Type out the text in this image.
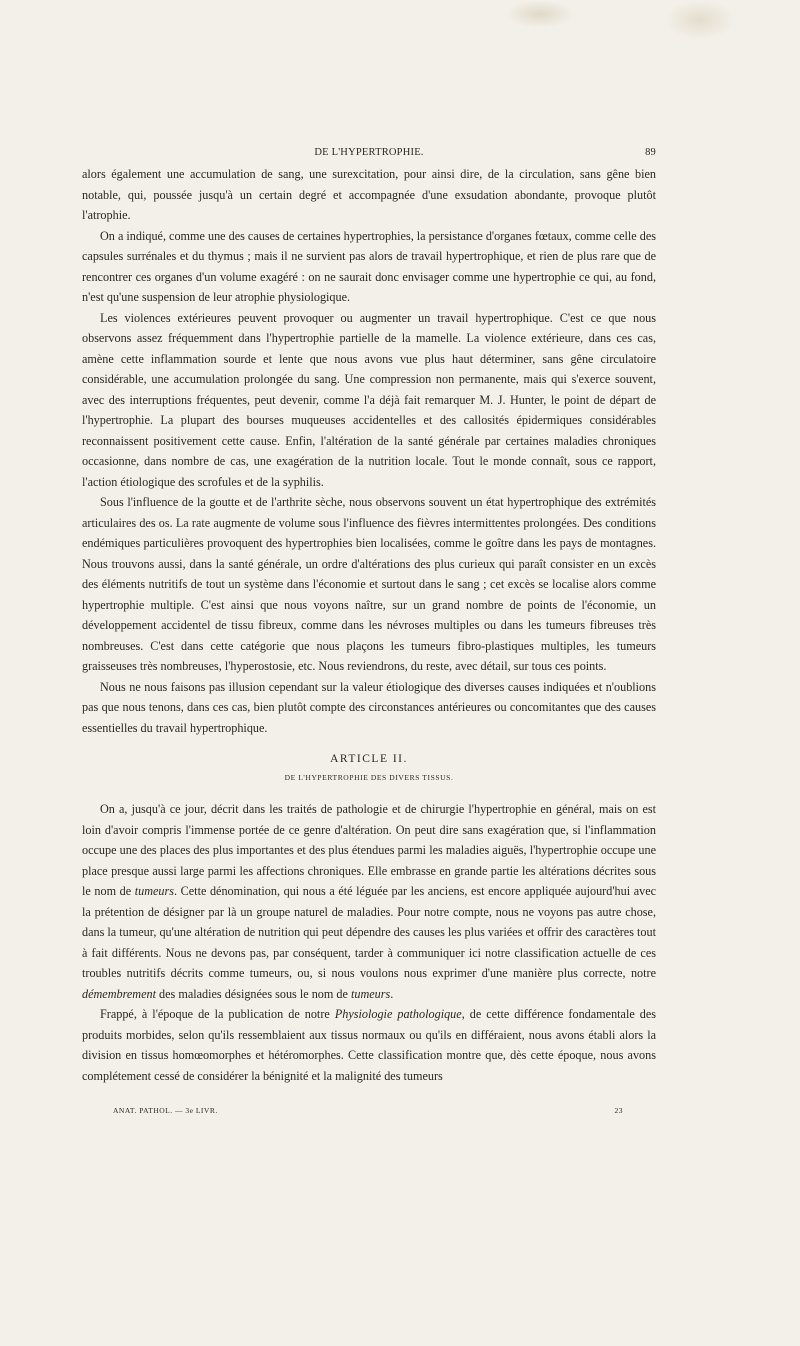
DE L'HYPERTROPHIE.	89

alors également une accumulation de sang, une surexcitation, pour ainsi dire, de la circulation, sans gêne bien notable, qui, poussée jusqu'à un certain degré et accompagnée d'une exsudation abondante, provoque plutôt l'atrophie.

On a indiqué, comme une des causes de certaines hypertrophies, la persistance d'organes fœtaux, comme celle des capsules surrénales et du thymus ; mais il ne survient pas alors de travail hypertrophique, et rien de plus rare que de rencontrer ces organes d'un volume exagéré : on ne saurait donc envisager comme une hypertrophie ce qui, au fond, n'est qu'une suspension de leur atrophie physiologique.

Les violences extérieures peuvent provoquer ou augmenter un travail hypertrophique. C'est ce que nous observons assez fréquemment dans l'hypertrophie partielle de la mamelle. La violence extérieure, dans ces cas, amène cette inflammation sourde et lente que nous avons vue plus haut déterminer, sans gêne circulatoire considérable, une accumulation prolongée du sang. Une compression non permanente, mais qui s'exerce souvent, avec des interruptions fréquentes, peut devenir, comme l'a déjà fait remarquer M. J. Hunter, le point de départ de l'hypertrophie. La plupart des bourses muqueuses accidentelles et des callosités épidermiques considérables reconnaissent positivement cette cause. Enfin, l'altération de la santé générale par certaines maladies chroniques occasionne, dans nombre de cas, une exagération de la nutrition locale. Tout le monde connaît, sous ce rapport, l'action étiologique des scrofules et de la syphilis.

Sous l'influence de la goutte et de l'arthrite sèche, nous observons souvent un état hypertrophique des extrémités articulaires des os. La rate augmente de volume sous l'influence des fièvres intermittentes prolongées. Des conditions endémiques particulières provoquent des hypertrophies bien localisées, comme le goître dans les pays de montagnes. Nous trouvons aussi, dans la santé générale, un ordre d'altérations des plus curieux qui paraît consister en un excès des éléments nutritifs de tout un système dans l'économie et surtout dans le sang ; cet excès se localise alors comme hypertrophie multiple. C'est ainsi que nous voyons naître, sur un grand nombre de points de l'économie, un développement accidentel de tissu fibreux, comme dans les névroses multiples ou dans les tumeurs fibreuses très nombreuses. C'est dans cette catégorie que nous plaçons les tumeurs fibro-plastiques multiples, les tumeurs graisseuses très nombreuses, l'hyperostosie, etc. Nous reviendrons, du reste, avec détail, sur tous ces points.

Nous ne nous faisons pas illusion cependant sur la valeur étiologique des diverses causes indiquées et n'oublions pas que nous tenons, dans ces cas, bien plutôt compte des circonstances antérieures ou concomitantes que des causes essentielles du travail hypertrophique.

ARTICLE II.
DE L'HYPERTROPHIE DES DIVERS TISSUS.

On a, jusqu'à ce jour, décrit dans les traités de pathologie et de chirurgie l'hypertrophie en général, mais on est loin d'avoir compris l'immense portée de ce genre d'altération. On peut dire sans exagération que, si l'inflammation occupe une des places des plus importantes et des plus étendues parmi les maladies aiguës, l'hypertrophie occupe une place presque aussi large parmi les affections chroniques. Elle embrasse en grande partie les altérations décrites sous le nom de tumeurs. Cette dénomination, qui nous a été léguée par les anciens, est encore appliquée aujourd'hui avec la prétention de désigner par là un groupe naturel de maladies. Pour notre compte, nous ne voyons pas autre chose, dans la tumeur, qu'une altération de nutrition qui peut dépendre des causes les plus variées et offrir des caractères tout à fait différents. Nous ne devons pas, par conséquent, tarder à communiquer ici notre classification actuelle de ces troubles nutritifs décrits comme tumeurs, ou, si nous voulons nous exprimer d'une manière plus correcte, notre démembrement des maladies désignées sous le nom de tumeurs.

Frappé, à l'époque de la publication de notre Physiologie pathologique, de cette différence fondamentale des produits morbides, selon qu'ils ressemblaient aux tissus normaux ou qu'ils en différaient, nous avons établi alors la division en tissus homœomorphes et hétéromorphes. Cette classification montre que, dès cette époque, nous avons complétement cessé de considérer la bénignité et la malignité des tumeurs

ANAT. PATHOL. — 3e LIVR.	23
